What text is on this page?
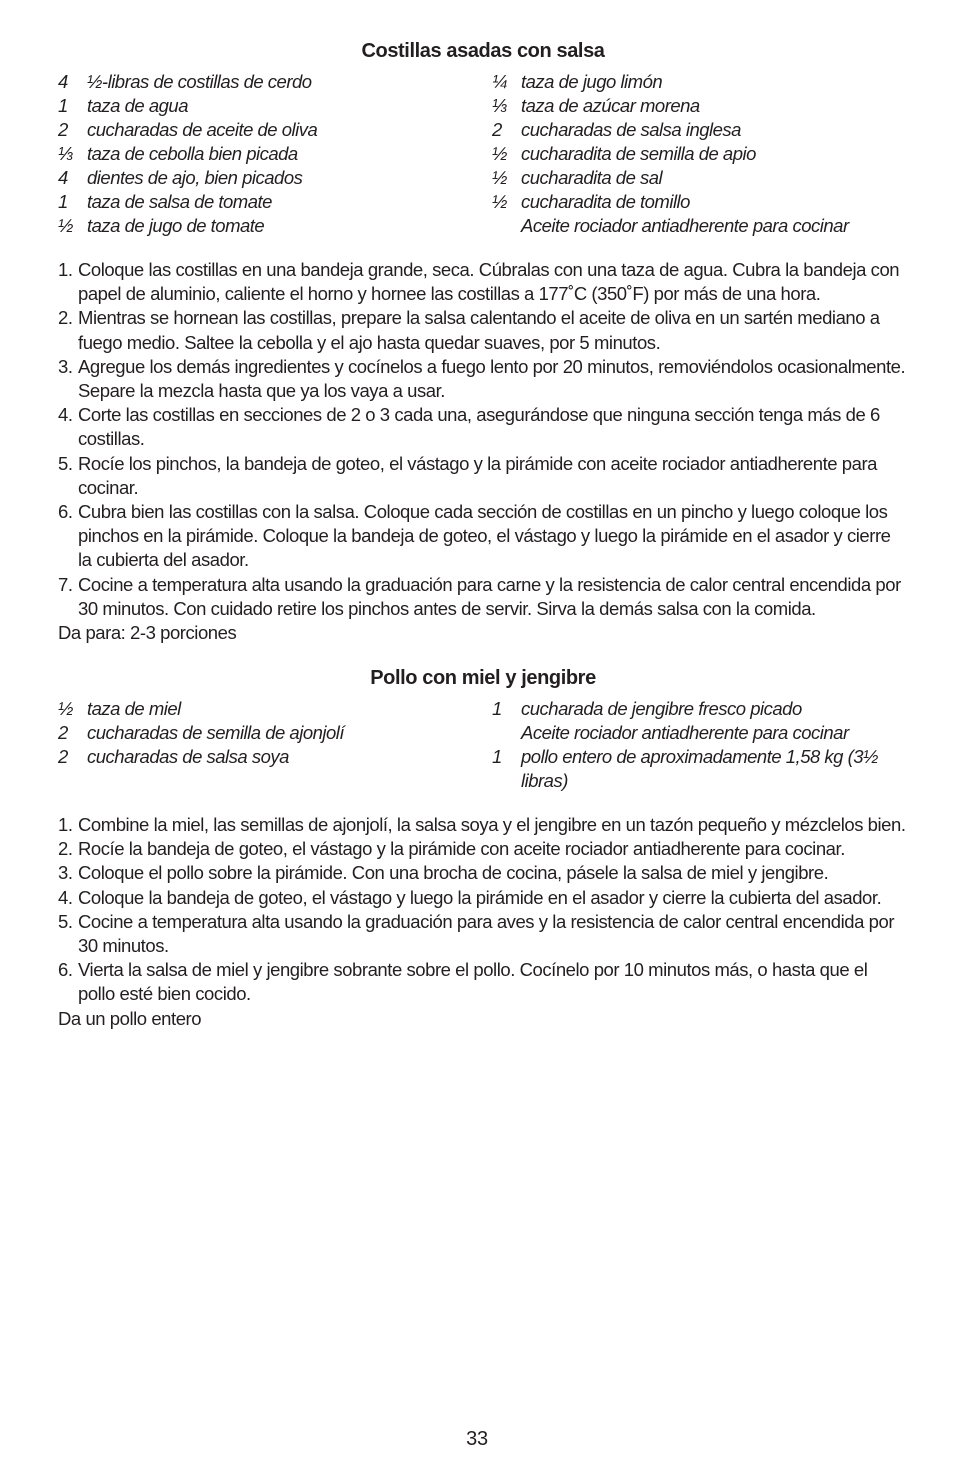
Costillas asadas con salsa
4	½-libras de costillas de cerdo
1	taza de agua
2	cucharadas de aceite de oliva
⅓ taza de cebolla bien picada
4	dientes de ajo, bien picados
1	taza de salsa de tomate
½ taza de jugo de tomate
¼ taza de jugo limón
⅓ taza de azúcar morena
2	cucharadas de salsa inglesa
½ cucharadita de semilla de apio
½ cucharadita de sal
½ cucharadita de tomillo
Aceite rociador antiadherente para cocinar
1. Coloque las costillas en una bandeja grande, seca. Cúbralas con una taza de agua. Cubra la bandeja con papel de aluminio, caliente el horno y hornee las costillas a 177˚C (350˚F) por más de una hora.
2. Mientras se hornean las costillas, prepare la salsa calentando el aceite de oliva en un sartén mediano a fuego medio. Saltee la cebolla y el ajo hasta quedar suaves, por 5 minutos.
3. Agregue los demás ingredientes y cocínelos a fuego lento por 20 minutos, removiéndolos ocasionalmente. Separe la mezcla hasta que ya los vaya a usar.
4. Corte las costillas en secciones de 2 o 3 cada una, asegurándose que ninguna sección tenga más de 6 costillas.
5. Rocíe los pinchos, la bandeja de goteo, el vástago y la pirámide con aceite rociador antiadherente para cocinar.
6. Cubra bien las costillas con la salsa. Coloque cada sección de costillas en un pincho y luego coloque los pinchos en la pirámide. Coloque la bandeja de goteo, el vástago y luego la pirámide en el asador y cierre la cubierta del asador.
7. Cocine a temperatura alta usando la graduación para carne y la resistencia de calor central encendida por 30 minutos. Con cuidado retire los pinchos antes de servir. Sirva la demás salsa con la comida.
Da para: 2-3 porciones
Pollo con miel y jengibre
½ taza de miel
2	cucharadas de semilla de ajonjolí
2	cucharadas de salsa soya
1	cucharada de jengibre fresco picado
Aceite rociador antiadherente para cocinar
1	pollo entero de aproximadamente 1,58 kg (3½ libras)
1. Combine la miel, las semillas de ajonjolí, la salsa soya y el jengibre en un tazón pequeño y mézclelos bien.
2. Rocíe la bandeja de goteo, el vástago y la pirámide con aceite rociador antiadherente para cocinar.
3. Coloque el pollo sobre la pirámide. Con una brocha de cocina, pásele la salsa de miel y jengibre.
4. Coloque la bandeja de goteo, el vástago y luego la pirámide en el asador y cierre la cubierta del asador.
5. Cocine a temperatura alta usando la graduación para aves y la resistencia de calor central encendida por 30 minutos.
6. Vierta la salsa de miel y jengibre sobrante sobre el pollo. Cocínelo por 10 minutos más, o hasta que el pollo esté bien cocido.
Da un pollo entero
33
